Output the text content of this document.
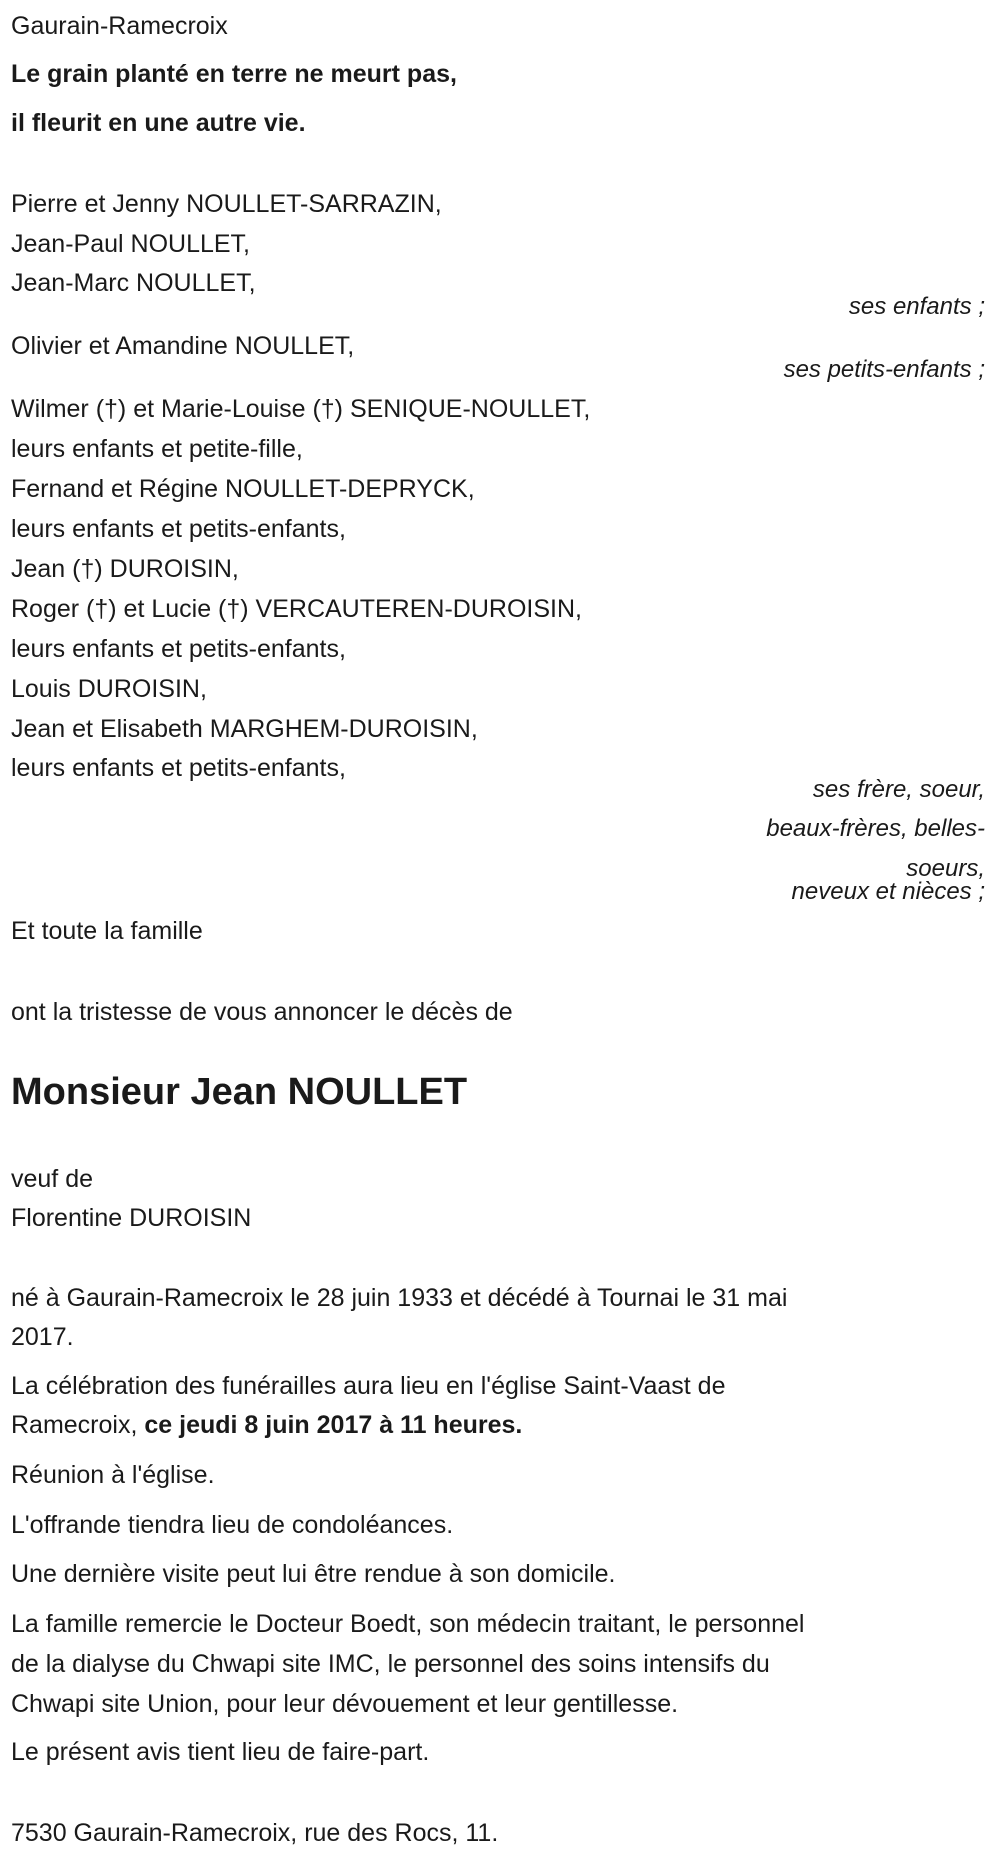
Gaurain-Ramecroix
Le grain planté en terre ne meurt pas,
il fleurit en une autre vie.
Pierre et Jenny NOULLET-SARRAZIN,
Jean-Paul NOULLET,
Jean-Marc NOULLET,
ses enfants ;
Olivier et Amandine NOULLET,
ses petits-enfants ;
Wilmer (†) et Marie-Louise (†) SENIQUE-NOULLET,
leurs enfants et petite-fille,
Fernand et Régine NOULLET-DEPRYCK,
leurs enfants et petits-enfants,
Jean (†) DUROISIN,
Roger (†) et Lucie (†) VERCAUTEREN-DUROISIN,
leurs enfants et petits-enfants,
Louis DUROISIN,
Jean et Elisabeth MARGHEM-DUROISIN,
leurs enfants et petits-enfants,
ses frère, soeur,
beaux-frères, belles-
soeurs,
neveux et nièces ;
Et toute la famille
ont la tristesse de vous annoncer le décès de
Monsieur Jean NOULLET
veuf de
Florentine DUROISIN
né à Gaurain-Ramecroix le 28 juin 1933 et décédé à Tournai le 31 mai
2017.
La célébration des funérailles aura lieu en l'église Saint-Vaast de
Ramecroix, ce jeudi 8 juin 2017 à 11 heures.
Réunion à l'église.
L'offrande tiendra lieu de condoléances.
Une dernière visite peut lui être rendue à son domicile.
La famille remercie le Docteur Boedt, son médecin traitant, le personnel
de la dialyse du Chwapi site IMC, le personnel des soins intensifs du
Chwapi site Union, pour leur dévouement et leur gentillesse.
Le présent avis tient lieu de faire-part.
7530 Gaurain-Ramecroix, rue des Rocs, 11.
